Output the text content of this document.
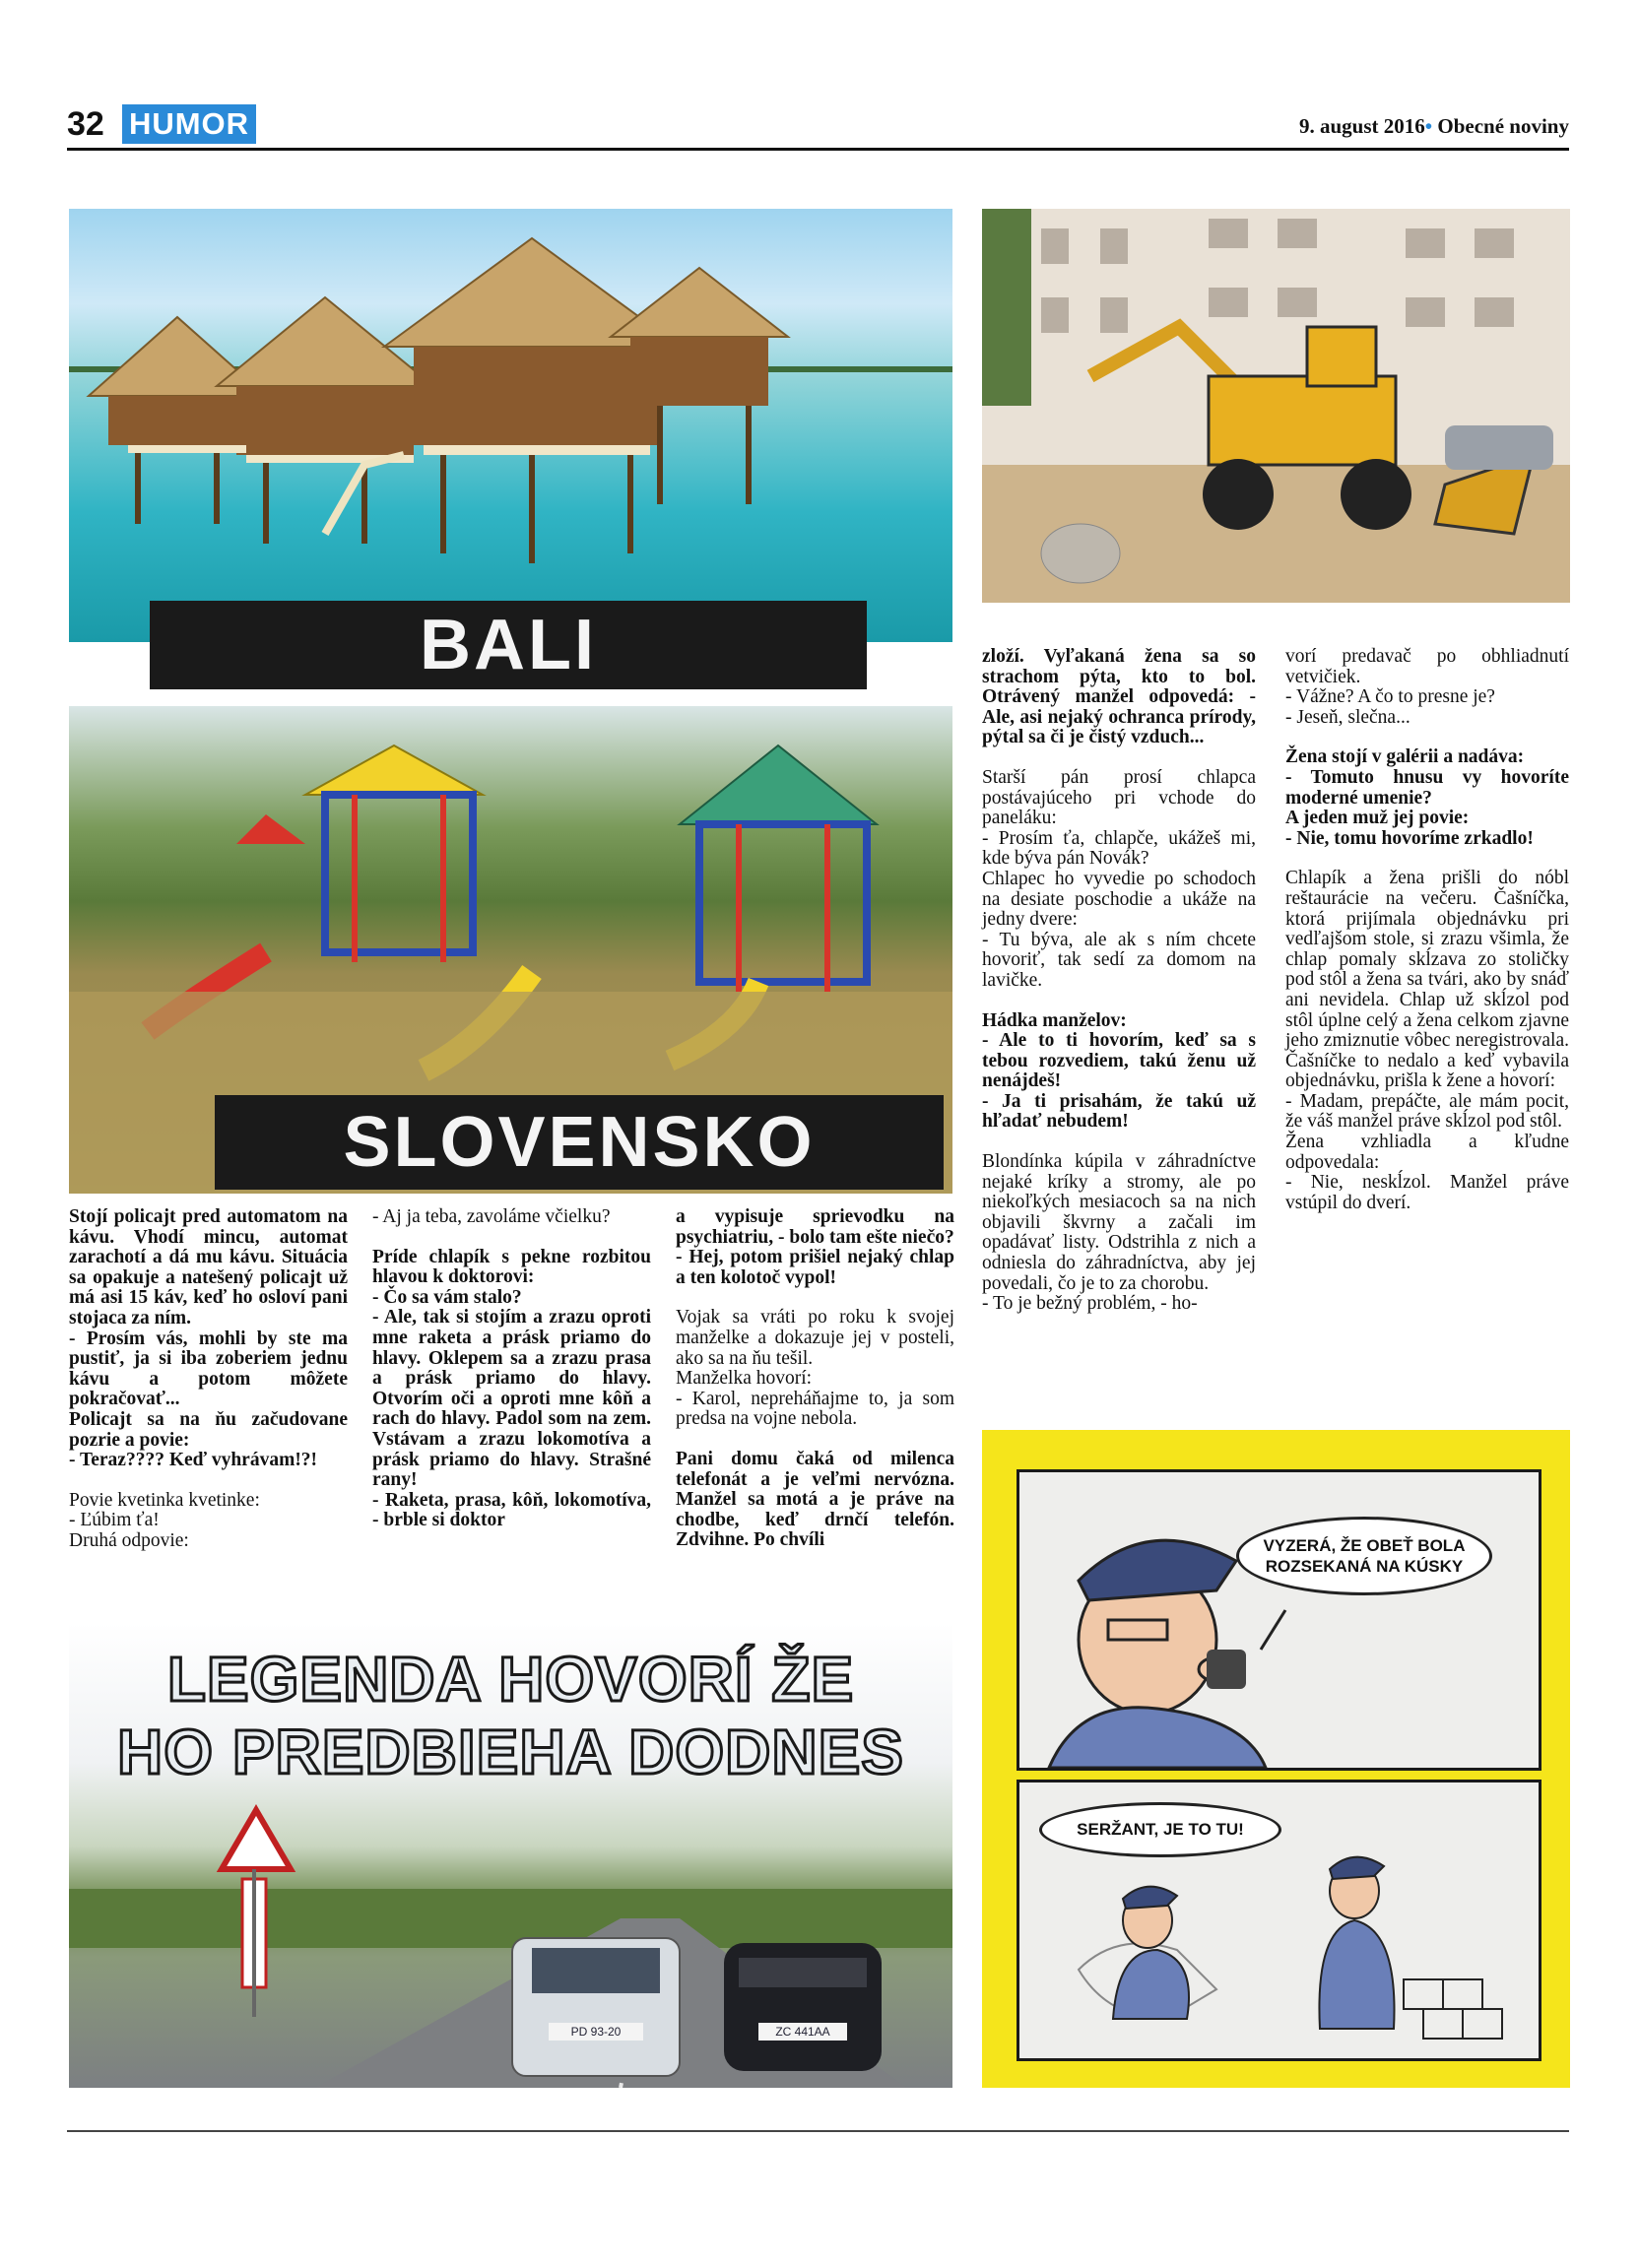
32 HUMOR	9. august 2016• Obecné noviny
BALI
SLOVENSKO

Stojí policajt pred automatom na kávu. Vhodí mincu, automat zarachotí a dá mu kávu. Situácia sa opakuje a natešený policajt už má asi 15 káv, keď ho osloví pani stojaca za ním.
- Prosím vás, mohli by ste ma pustiť, ja si iba zoberiem jednu kávu a potom môžete pokračovať...
Policajt sa na ňu začudovane pozrie a povie:
- Teraz???? Keď vyhrávam!?!

Povie kvetinka kvetinke:
- Ľúbim ťa!
Druhá odpovie:

- Aj ja teba, zavoláme včielku?

Príde chlapík s pekne rozbitou hlavou k doktorovi:
- Čo sa vám stalo?
- Ale, tak si stojím a zrazu oproti mne raketa a prásk priamo do hlavy. Oklepem sa a zrazu prasa a prásk priamo do hlavy. Otvorím oči a oproti mne kôň a rach do hlavy. Padol som na zem. Vstávam a zrazu lokomotíva a prásk priamo do hlavy. Strašné rany!
- Raketa, prasa, kôň, lokomotíva, - brble si doktor

a vypisuje sprievodku na psychiatriu, - bolo tam ešte niečo?
- Hej, potom prišiel nejaký chlap a ten kolotoč vypol!

Vojak sa vráti po roku k svojej manželke a dokazuje jej v posteli, ako sa na ňu tešil.
Manželka hovorí:
- Karol, nepreháňajme to, ja som predsa na vojne nebola.

Pani domu čaká od milenca telefonát a je veľmi nervózna. Manžel sa motá a je práve na chodbe, keď drnčí telefón. Zdvihne. Po chvíli

zloží. Vyľakaná žena sa so strachom pýta, kto to bol. Otrávený manžel odpovedá: - Ale, asi nejaký ochranca prírody, pýtal sa či je čistý vzduch...

Starší pán prosí chlapca postávajúceho pri vchode do paneláku:
- Prosím ťa, chlapče, ukážeš mi, kde býva pán Novák?
Chlapec ho vyvedie po schodoch na desiate poschodie a ukáže na jedny dvere:
- Tu býva, ale ak s ním chcete hovoriť, tak sedí za domom na lavičke.

Hádka manželov:
- Ale to ti hovorím, keď sa s tebou rozvediem, takú ženu už nenájdeš!
- Ja ti prisahám, že takú už hľadať nebudem!

Blondínka kúpila v záhradníctve nejaké kríky a stromy, ale po niekoľkých mesiacoch sa na nich objavili škvrny a začali im opadávať listy. Odstrihla z nich a odniesla do záhradníctva, aby jej povedali, čo je to za chorobu.
- To je bežný problém, - ho-

vorí predavač po obhliadnutí vetvičiek.
- Vážne? A čo to presne je?
- Jeseň, slečna...

Žena stojí v galérii a nadáva:
- Tomuto hnusu vy hovoríte moderné umenie?
A jeden muž jej povie:
- Nie, tomu hovoríme zrkadlo!

Chlapík a žena prišli do nóbl reštaurácie na večeru. Čašníčka, ktorá prijímala objednávku pri vedľajšom stole, si zrazu všimla, že chlap pomaly skĺzava zo stoličky pod stôl a žena sa tvári, ako by snáď ani nevidela. Chlap už skĺzol pod stôl úplne celý a žena celkom zjavne jeho zmiznutie vôbec neregistrovala. Čašníčke to nedalo a keď vybavila objednávku, prišla k žene a hovorí:
- Madam, prepáčte, ale mám pocit, že váš manžel práve skĺzol pod stôl.
Žena vzhliadla a kľudne odpovedala:
- Nie, neskĺzol. Manžel práve vstúpil do dverí.

PD 93-20	ZC 441AA
LEGENDA HOVORÍ ŽE
HO PREDBIEHA DODNES
VYZERÁ, ŽE OBEŤ BOLA ROZSEKANÁ NA KÚSKY
SERŽANT, JE TO TU!
